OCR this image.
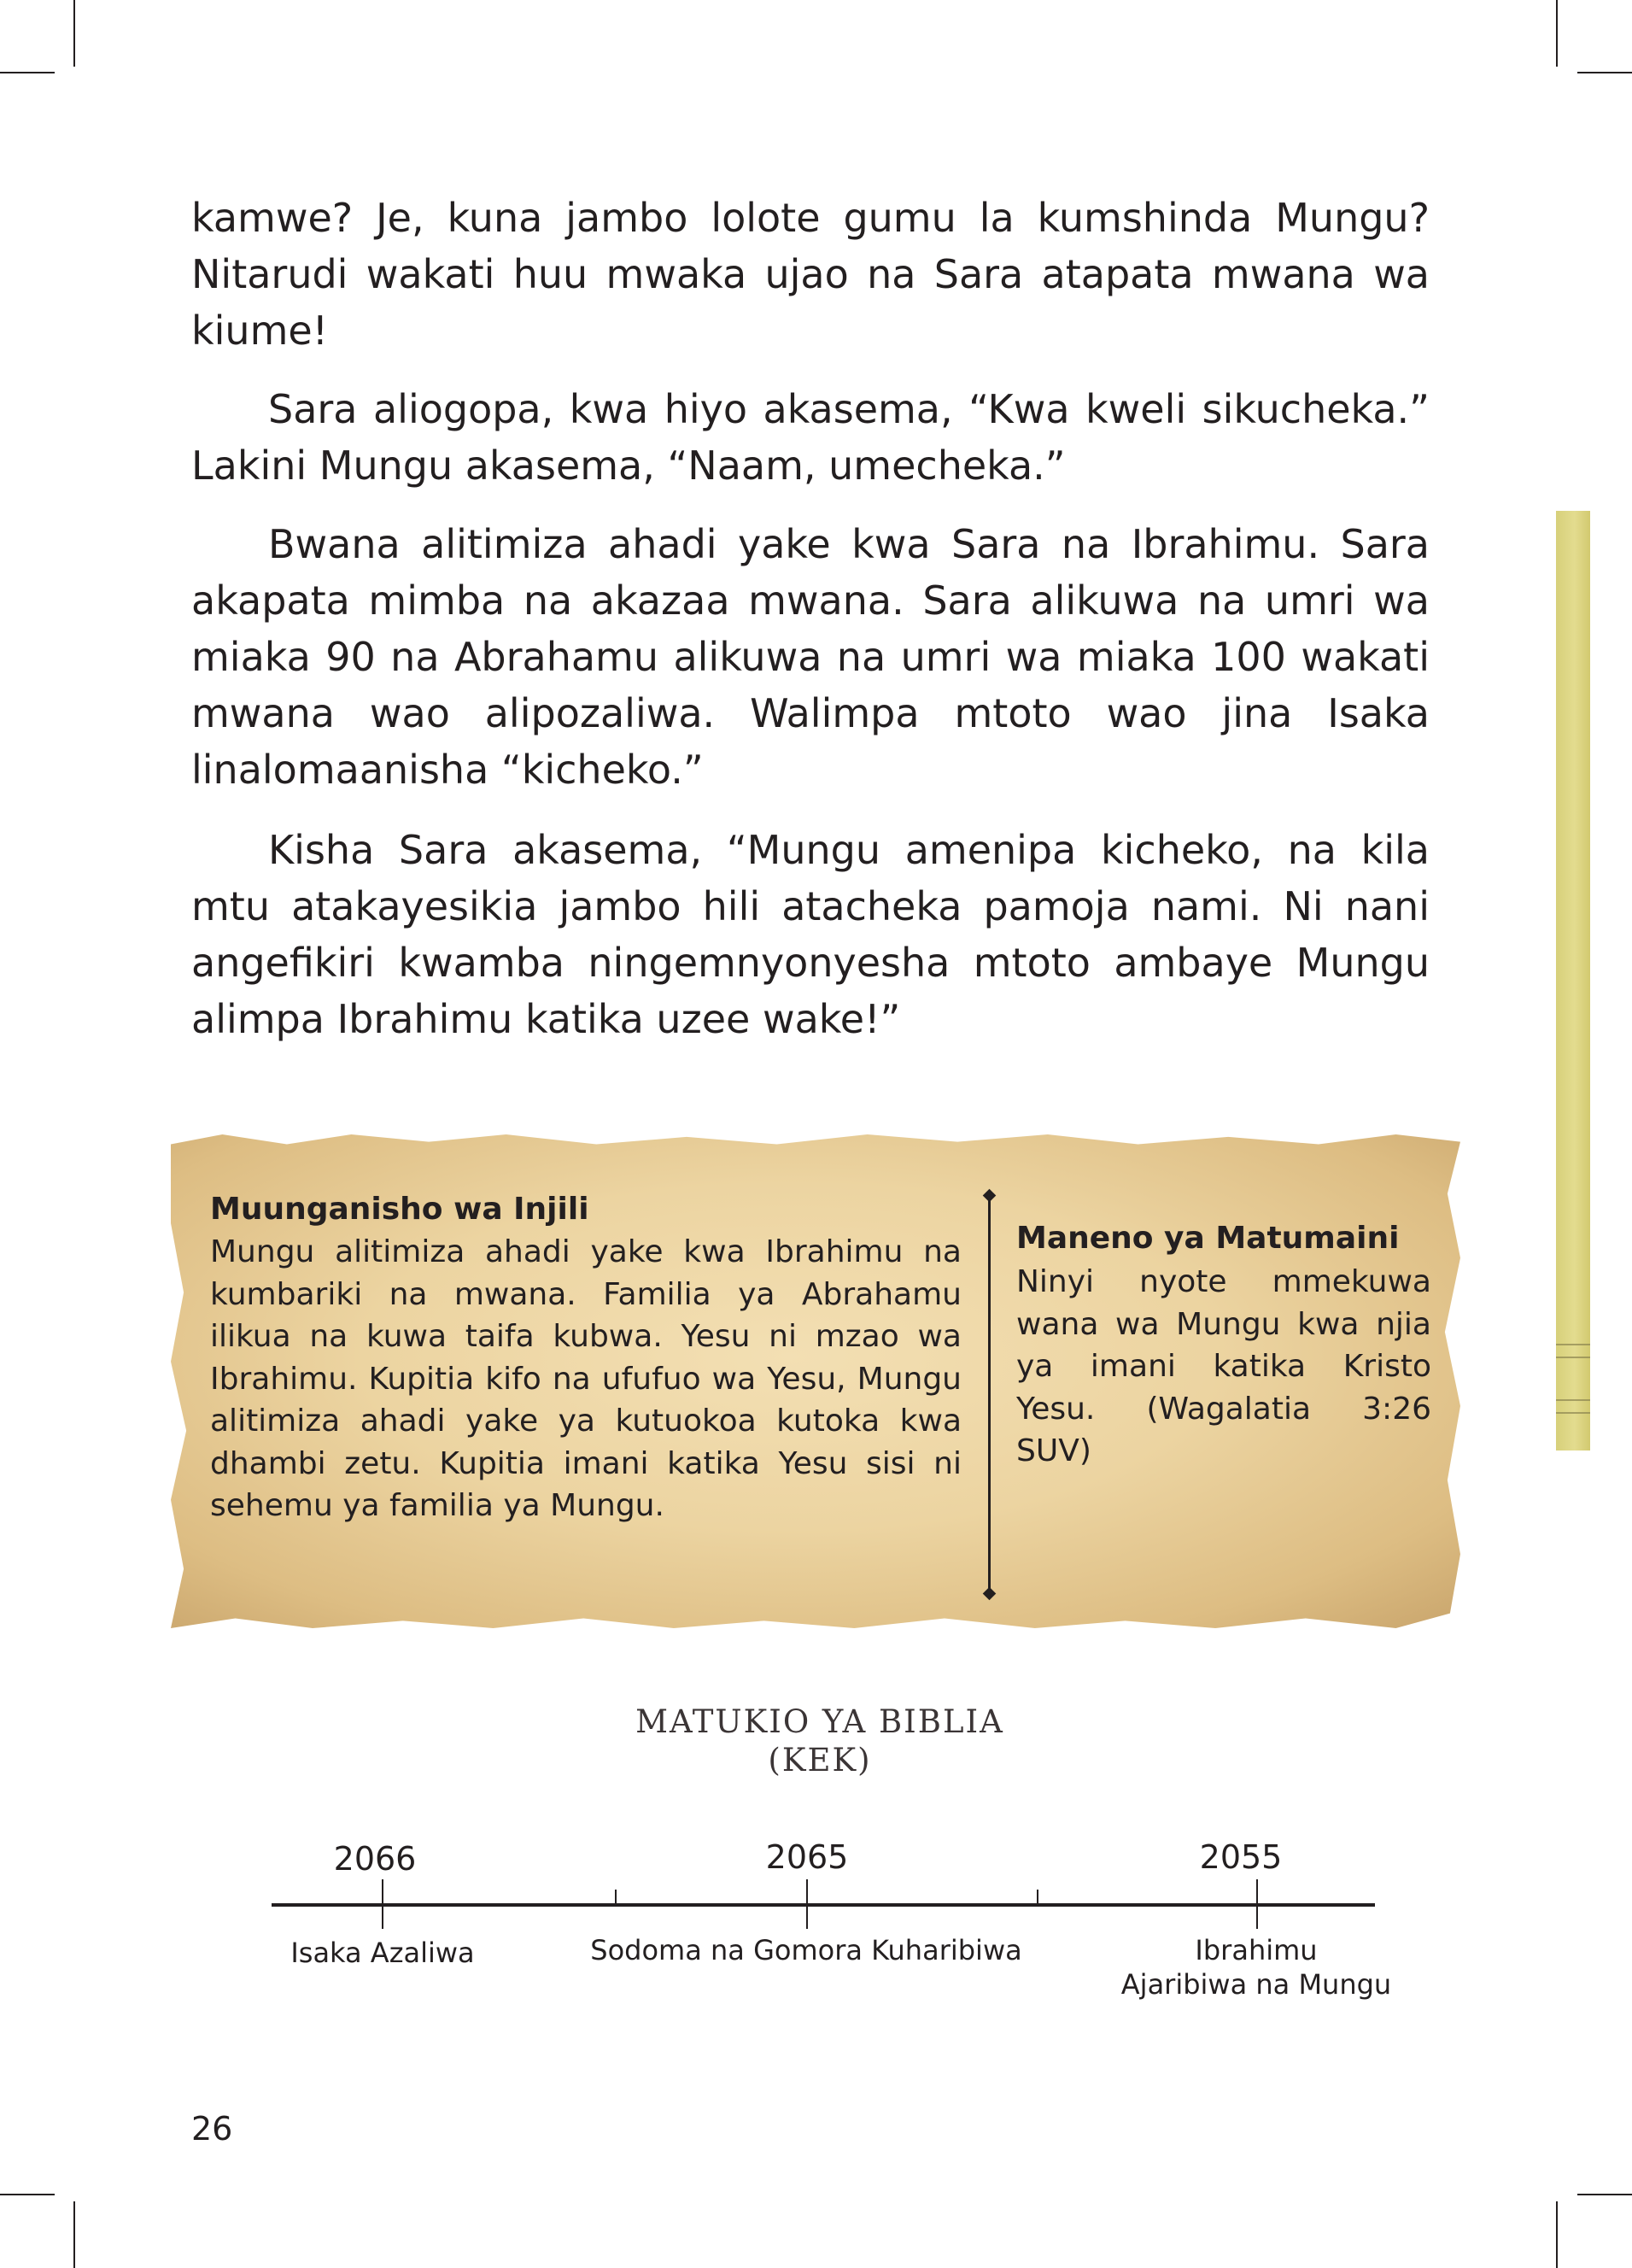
kamwe? Je, kuna jambo lolote gumu la kumshinda Mungu? Nitarudi wakati huu mwaka ujao na Sara atapata mwana wa kiume!

Sara aliogopa, kwa hiyo akasema, “Kwa kweli sikucheka.” Lakini Mungu akasema, “Naam, umecheka.”

Bwana alitimiza ahadi yake kwa Sara na Ibrahimu. Sara akapata mimba na akazaa mwana. Sara alikuwa na umri wa miaka 90 na Abrahamu alikuwa na umri wa miaka 100 wakati mwana wao alipozaliwa. Walimpa mtoto wao jina Isaka linalomaanisha “kicheko.”

Kisha Sara akasema, “Mungu amenipa kicheko, na kila mtu atakayesikia jambo hili atacheka pamoja nami. Ni nani angefikiri kwamba ningemnyonyesha mtoto ambaye Mungu alimpa Ibrahimu katika uzee wake!”

Muunganisho wa Injili

Mungu alitimiza ahadi yake kwa Ibrahimu na kumbariki na mwana. Familia ya Abrahamu ilikua na kuwa taifa kubwa. Yesu ni mzao wa Ibrahimu. Kupitia kifo na ufufuo wa Yesu, Mungu alitimiza ahadi yake ya kutuokoa kutoka kwa dhambi zetu. Kupitia imani katika Yesu sisi ni sehemu ya familia ya Mungu.

Maneno ya Matumaini

Ninyi nyote mmekuwa wana wa Mungu kwa njia ya imani katika Kristo Yesu. (Wagalatia 3:26 SUV)

MATUKIO YA BIBLIA

(KEK)

2066	2065	2055

Isaka Azaliwa	Sodoma na Gomora Kuharibiwa	Ibrahimu

Ajaribiwa na Mungu

26
